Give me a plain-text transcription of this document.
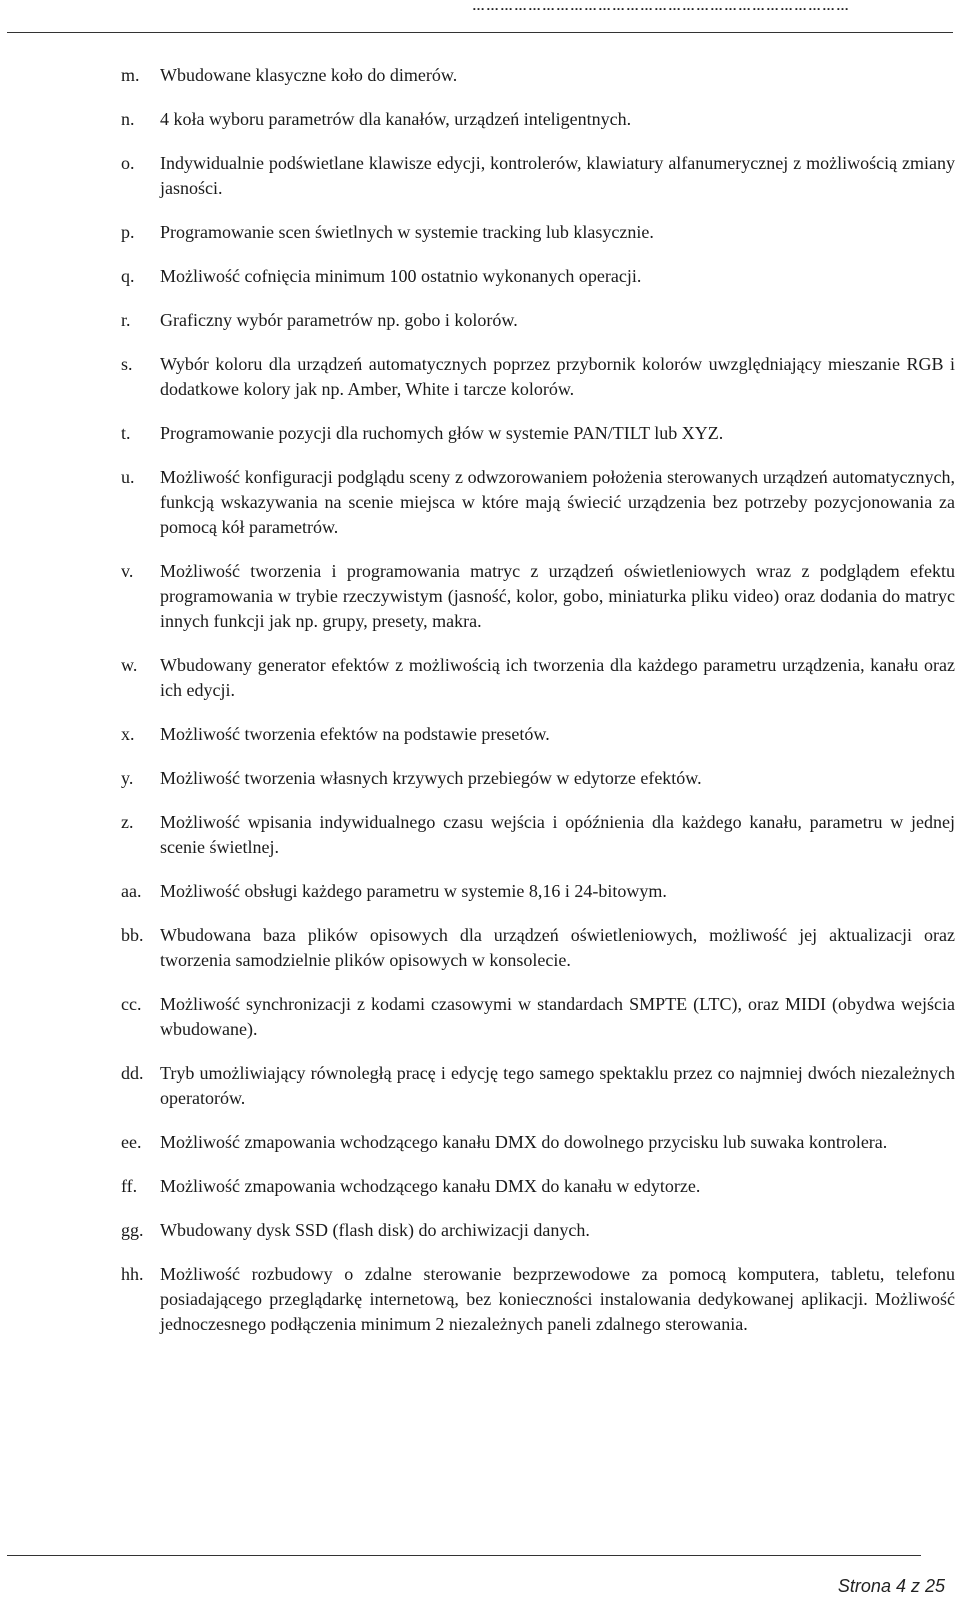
………………………………………………………………………
m. Wbudowane klasyczne koło do dimerów.
n. 4 koła wyboru parametrów dla kanałów, urządzeń inteligentnych.
o. Indywidualnie podświetlane klawisze edycji, kontrolerów, klawiatury alfanumerycznej z możliwością zmiany jasności.
p. Programowanie scen świetlnych w systemie tracking lub klasycznie.
q. Możliwość cofnięcia minimum 100 ostatnio wykonanych operacji.
r. Graficzny wybór parametrów np. gobo i kolorów.
s. Wybór koloru dla urządzeń automatycznych poprzez przybornik kolorów uwzględniający mieszanie RGB i dodatkowe kolory jak np. Amber, White i tarcze kolorów.
t. Programowanie pozycji dla ruchomych głów w systemie PAN/TILT lub XYZ.
u. Możliwość konfiguracji podglądu sceny z odwzorowaniem położenia sterowanych urządzeń automatycznych, funkcją wskazywania na scenie miejsca w które mają świecić urządzenia bez potrzeby pozycjonowania za pomocą kół parametrów.
v. Możliwość tworzenia i programowania matryc z urządzeń oświetleniowych wraz z podglądem efektu programowania w trybie rzeczywistym (jasność, kolor, gobo, miniaturka pliku video) oraz dodania do matryc innych funkcji jak np. grupy, presety, makra.
w. Wbudowany generator efektów z możliwością ich tworzenia dla każdego parametru urządzenia, kanału oraz ich edycji.
x. Możliwość tworzenia efektów na podstawie presetów.
y. Możliwość tworzenia własnych krzywych przebiegów w edytorze efektów.
z. Możliwość wpisania indywidualnego czasu wejścia i opóźnienia dla każdego kanału, parametru w jednej scenie świetlnej.
aa. Możliwość obsługi każdego parametru w systemie 8,16 i 24-bitowym.
bb. Wbudowana baza plików opisowych dla urządzeń oświetleniowych, możliwość jej aktualizacji oraz tworzenia samodzielnie plików opisowych w konsolecie.
cc. Możliwość synchronizacji z kodami czasowymi w standardach SMPTE (LTC), oraz MIDI (obydwa wejścia wbudowane).
dd. Tryb umożliwiający równoległą pracę i edycję tego samego spektaklu przez co najmniej dwóch niezależnych operatorów.
ee. Możliwość zmapowania wchodzącego kanału DMX do dowolnego przycisku lub suwaka kontrolera.
ff. Możliwość zmapowania wchodzącego kanału DMX do kanału w edytorze.
gg. Wbudowany dysk SSD (flash disk) do archiwizacji danych.
hh. Możliwość rozbudowy o zdalne sterowanie bezprzewodowe za pomocą komputera, tabletu, telefonu posiadającego przeglądarkę internetową, bez konieczności instalowania dedykowanej aplikacji. Możliwość jednoczesnego podłączenia minimum 2 niezależnych paneli zdalnego sterowania.
Strona 4 z 25
